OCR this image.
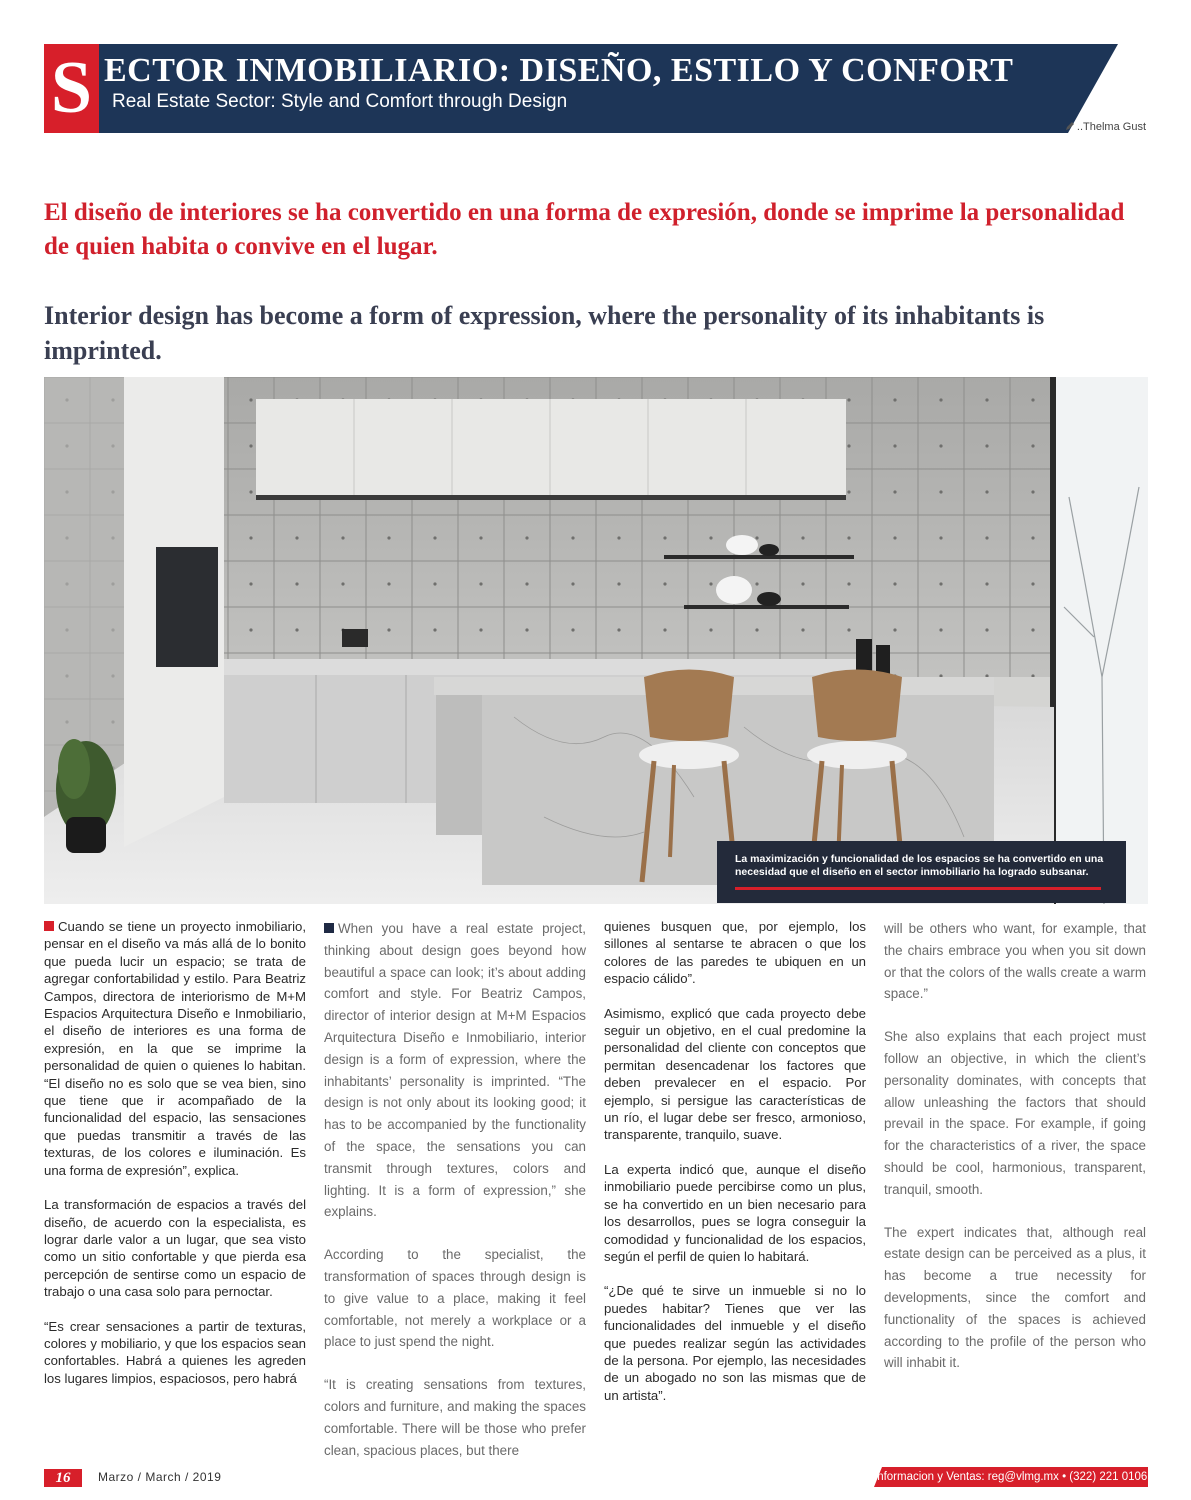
S ECTOR INMOBILIARIO: DISEÑO, ESTILO Y CONFORT
Real Estate Sector: Style and Comfort through Design
..Thelma Gust
El diseño de interiores se ha convertido en una forma de expresión, donde se imprime la personalidad de quien habita o convive en el lugar.
Interior design has become a form of expression, where the personality of its inhabitants is imprinted.
La maximización y funcionalidad de los espacios se ha convertido en una necesidad que el diseño en el sector inmobiliario ha logrado subsanar.

Cuando se tiene un proyecto inmobiliario, pensar en el diseño va más allá de lo bonito que pueda lucir un espacio; se trata de agregar confortabilidad y estilo. Para Beatriz Campos, directora de interiorismo de M+M Espacios Arquitectura Diseño e Inmobiliario, el diseño de interiores es una forma de expresión, en la que se imprime la personalidad de quien o quienes lo habitan. “El diseño no es solo que se vea bien, sino que tiene que ir acompañado de la funcionalidad del espacio, las sensaciones que puedas transmitir a través de las texturas, de los colores e iluminación. Es una forma de expresión”, explica.

La transformación de espacios a través del diseño, de acuerdo con la especialista, es lograr darle valor a un lugar, que sea visto como un sitio confortable y que pierda esa percepción de sentirse como un espacio de trabajo o una casa solo para pernoctar.

“Es crear sensaciones a partir de texturas, colores y mobiliario, y que los espacios sean confortables. Habrá a quienes les agreden los lugares limpios, espaciosos, pero habrá

When you have a real estate project, thinking about design goes beyond how beautiful a space can look; it’s about adding comfort and style. For Beatriz Campos, director of interior design at M+M Espacios Arquitectura Diseño e Inmobiliario, interior design is a form of expression, where the inhabitants’ personality is imprinted. “The design is not only about its looking good; it has to be accompanied by the functionality of the space, the sensations you can transmit through textures, colors and lighting. It is a form of expression,” she explains.

According to the specialist, the transformation of spaces through design is to give value to a place, making it feel comfortable, not merely a workplace or a place to just spend the night.

“It is creating sensations from textures, colors and furniture, and making the spaces comfortable. There will be those who prefer clean, spacious places, but there

quienes busquen que, por ejemplo, los sillones al sentarse te abracen o que los colores de las paredes te ubiquen en un espacio cálido”.

Asimismo, explicó que cada proyecto debe seguir un objetivo, en el cual predomine la personalidad del cliente con conceptos que permitan desencadenar los factores que deben prevalecer en el espacio. Por ejemplo, si persigue las características de un río, el lugar debe ser fresco, armonioso, transparente, tranquilo, suave.

La experta indicó que, aunque el diseño inmobiliario puede percibirse como un plus, se ha convertido en un bien necesario para los desarrollos, pues se logra conseguir la comodidad y funcionalidad de los espacios, según el perfil de quien lo habitará.

“¿De qué te sirve un inmueble si no lo puedes habitar? Tienes que ver las funcionalidades del inmueble y el diseño que puedes realizar según las actividades de la persona. Por ejemplo, las necesidades de un abogado no son las mismas que de un artista”.

will be others who want, for example, that the chairs embrace you when you sit down or that the colors of the walls create a warm space.”

She also explains that each project must follow an objective, in which the client’s personality dominates, with concepts that allow unleashing the factors that should prevail in the space. For example, if going for the characteristics of a river, the space should be cool, harmonious, transparent, tranquil, smooth.

The expert indicates that, although real estate design can be perceived as a plus, it has become a true necessity for developments, since the comfort and functionality of the spaces is achieved according to the profile of the person who will inhabit it.

16	Marzo / March / 2019	Informacion y Ventas: reg@vlmg.mx • (322) 221 0106
